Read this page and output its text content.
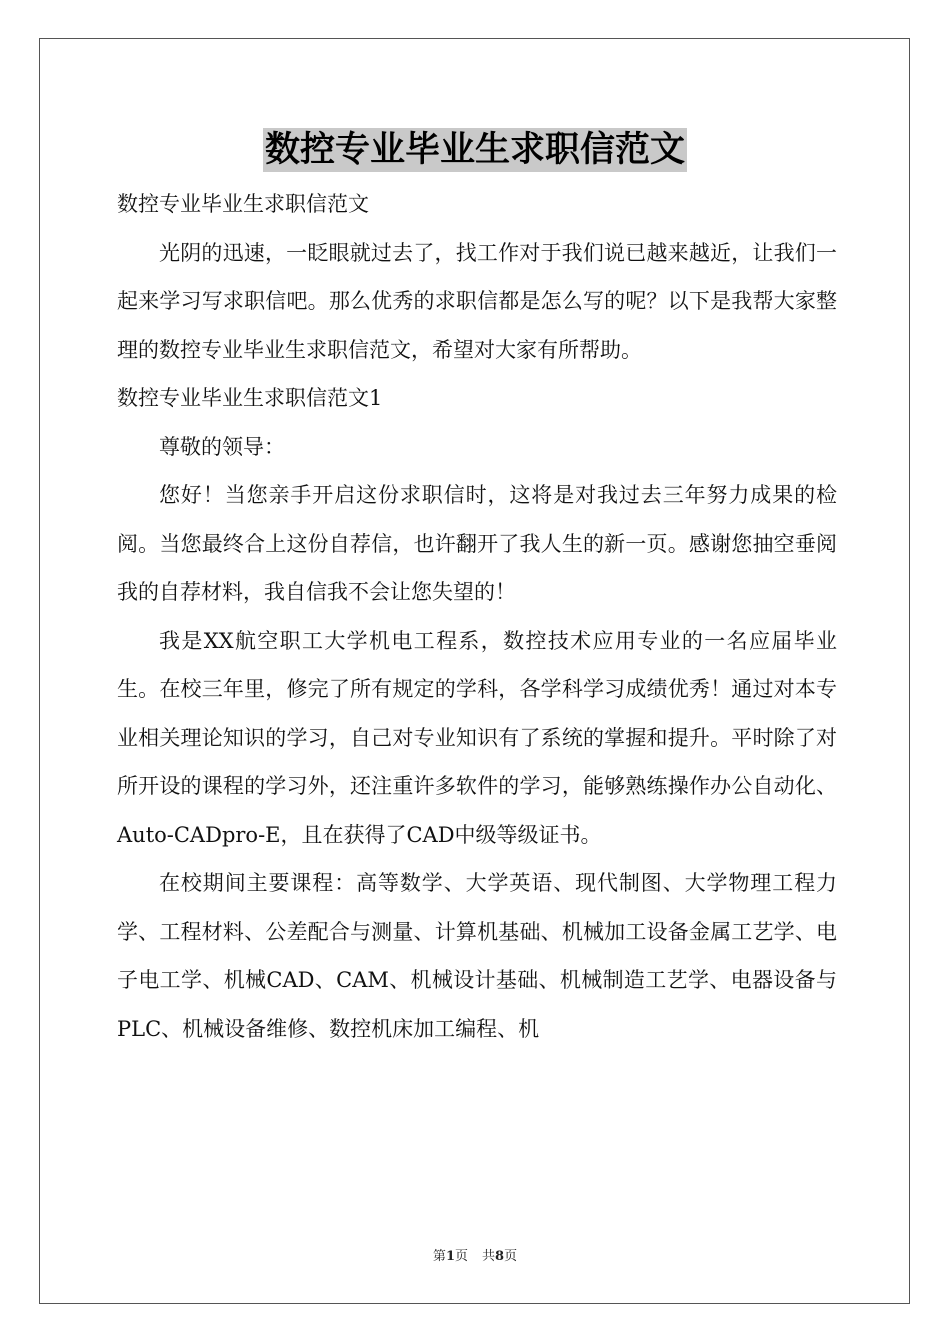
数控专业毕业生求职信范文

数控专业毕业生求职信范文

光阴的迅速，一眨眼就过去了，找工作对于我们说已越来越近，让我们一起来学习写求职信吧。那么优秀的求职信都是怎么写的呢？以下是我帮大家整理的数控专业毕业生求职信范文，希望对大家有所帮助。

数控专业毕业生求职信范文1

尊敬的领导：

您好！当您亲手开启这份求职信时，这将是对我过去三年努力成果的检阅。当您最终合上这份自荐信，也许翻开了我人生的新一页。感谢您抽空垂阅我的自荐材料，我自信我不会让您失望的！

我是XX航空职工大学机电工程系，数控技术应用专业的一名应届毕业生。在校三年里，修完了所有规定的学科，各学科学习成绩优秀！通过对本专业相关理论知识的学习，自己对专业知识有了系统的掌握和提升。平时除了对所开设的课程的学习外，还注重许多软件的学习，能够熟练操作办公自动化、Auto-CADpro-E，且在获得了CAD中级等级证书。

在校期间主要课程：高等数学、大学英语、现代制图、大学物理工程力学、工程材料、公差配合与测量、计算机基础、机械加工设备金属工艺学、电子电工学、机械CAD、CAM、机械设计基础、机械制造工艺学、电器设备与PLC、机械设备维修、数控机床加工编程、机

第1页 共8页
